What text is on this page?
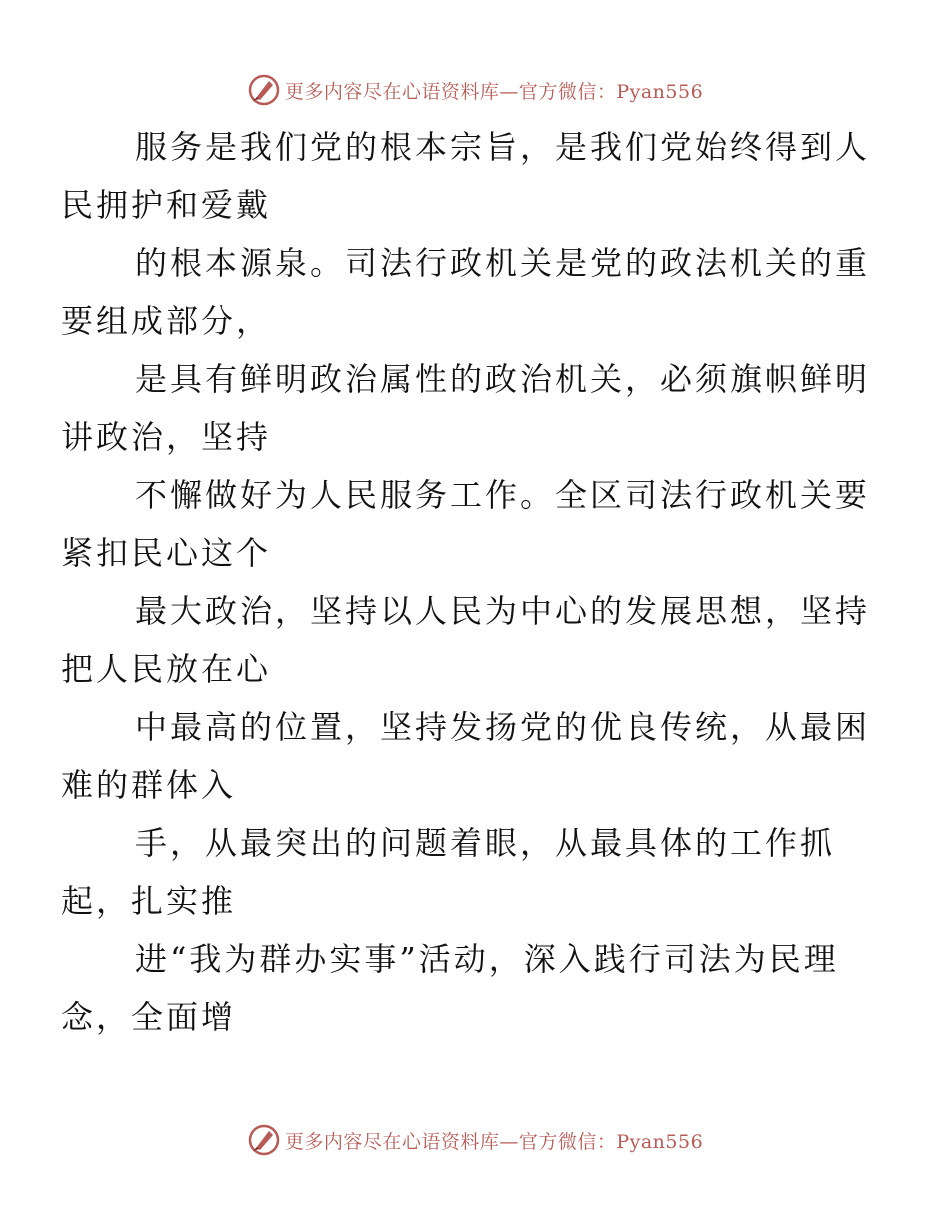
更多内容尽在心语资料库—官方微信：Pyan556

服务是我们党的根本宗旨，是我们党始终得到人
民拥护和爱戴

的根本源泉。司法行政机关是党的政法机关的重
要组成部分，

是具有鲜明政治属性的政治机关，必须旗帜鲜明
讲政治，坚持

不懈做好为人民服务工作。全区司法行政机关要
紧扣民心这个

最大政治，坚持以人民为中心的发展思想，坚持
把人民放在心

中最高的位置，坚持发扬党的优良传统，从最困
难的群体入

手，从最突出的问题着眼，从最具体的工作抓
起，扎实推

进“我为群办实事”活动，深入践行司法为民理
念，全面增

更多内容尽在心语资料库—官方微信：Pyan556
